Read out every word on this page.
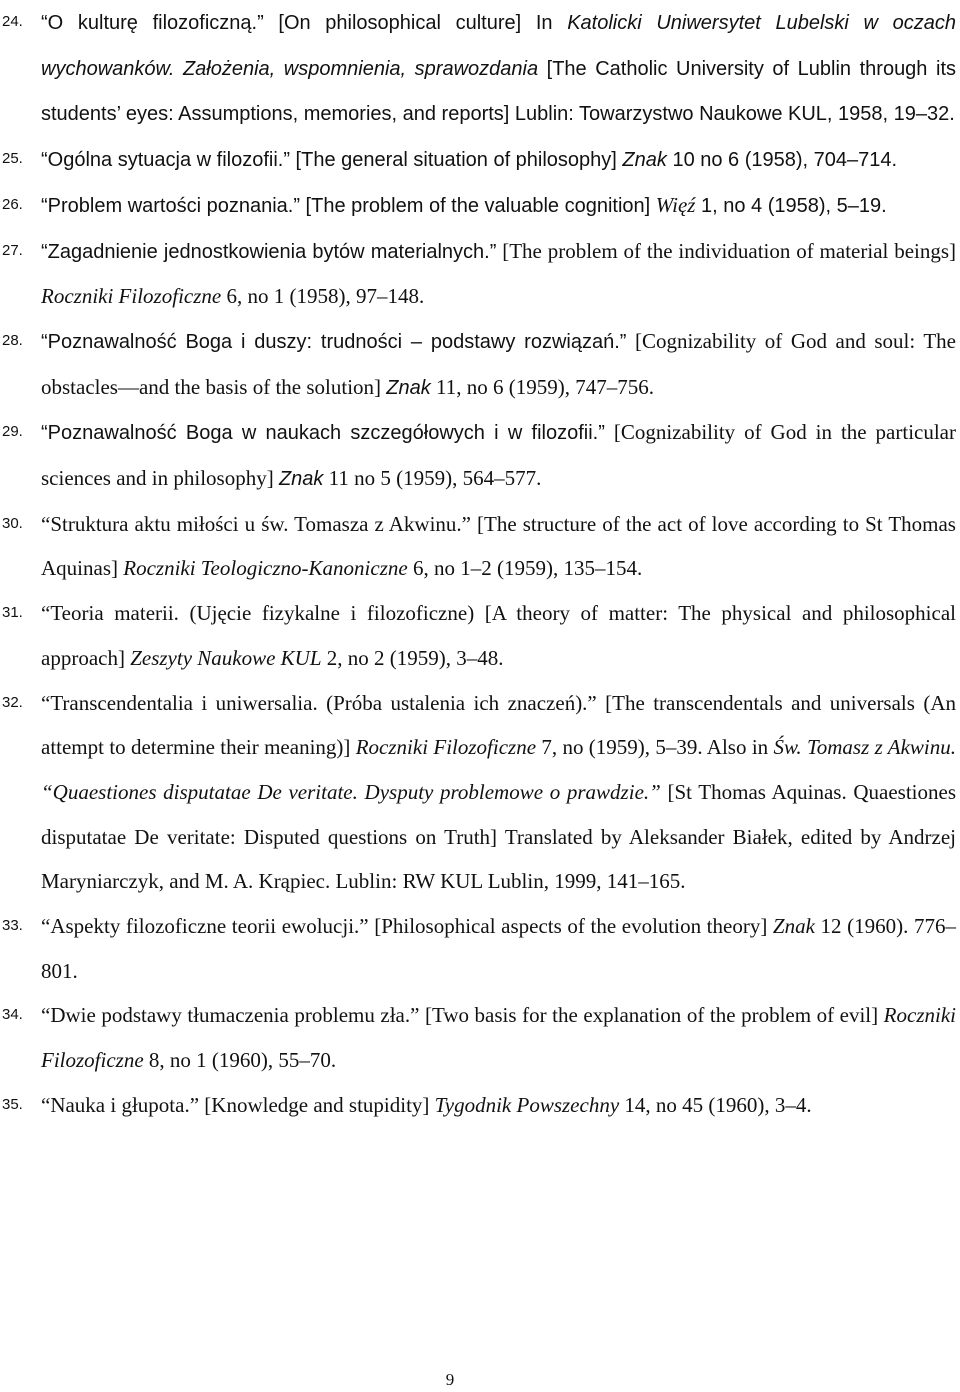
24. “O kulturę filozoficzną.” [On philosophical culture] In Katolicki Uniwersytet Lubelski w oczach wychowanków. Założenia, wspomnienia, sprawozdania [The Catholic University of Lublin through its students’ eyes: Assumptions, memories, and reports] Lublin: Towarzystwo Naukowe KUL, 1958, 19–32.
25. “Ogólna sytuacja w filozofii.” [The general situation of philosophy] Znak 10 no 6 (1958), 704–714.
26. “Problem wartości poznania.” [The problem of the valuable cognition] Więź 1, no 4 (1958), 5–19.
27. “Zagadnienie jednostkowienia bytów materialnych.” [The problem of the individuation of material beings] Roczniki Filozoficzne 6, no 1 (1958), 97–148.
28. “Poznawalność Boga i duszy: trudności – podstawy rozwiązań.” [Cognizability of God and soul: The obstacles—and the basis of the solution] Znak 11, no 6 (1959), 747–756.
29. “Poznawalność Boga w naukach szczegółowych i w filozofii.” [Cognizability of God in the particular sciences and in philosophy] Znak 11 no 5 (1959), 564–577.
30. “Struktura aktu miłości u św. Tomasza z Akwinu.” [The structure of the act of love according to St Thomas Aquinas] Roczniki Teologiczno-Kanoniczne 6, no 1–2 (1959), 135–154.
31. “Teoria materii. (Ujęcie fizykalne i filozoficzne) [A theory of matter: The physical and philosophical approach] Zeszyty Naukowe KUL 2, no 2 (1959), 3–48.
32. “Transcendentalia i uniwersalia. (Próba ustalenia ich znaczeń).” [The transcendentals and universals (An attempt to determine their meaning)] Roczniki Filozoficzne 7, no (1959), 5–39. Also in Św. Tomasz z Akwinu. “Quaestiones disputatae De veritate. Dysputy problemowe o prawdzie.” [St Thomas Aquinas. Quaestiones disputatae De veritate: Disputed questions on Truth] Translated by Aleksander Białek, edited by Andrzej Maryniarczyk, and M. A. Krąpiec. Lublin: RW KUL Lublin, 1999, 141–165.
33. “Aspekty filozoficzne teorii ewolucji.” [Philosophical aspects of the evolution theory] Znak 12 (1960). 776–801.
34. “Dwie podstawy tłumaczenia problemu zła.” [Two basis for the explanation of the problem of evil] Roczniki Filozoficzne 8, no 1 (1960), 55–70.
35. “Nauka i głupota.” [Knowledge and stupidity] Tygodnik Powszechny 14, no 45 (1960), 3–4.
9
